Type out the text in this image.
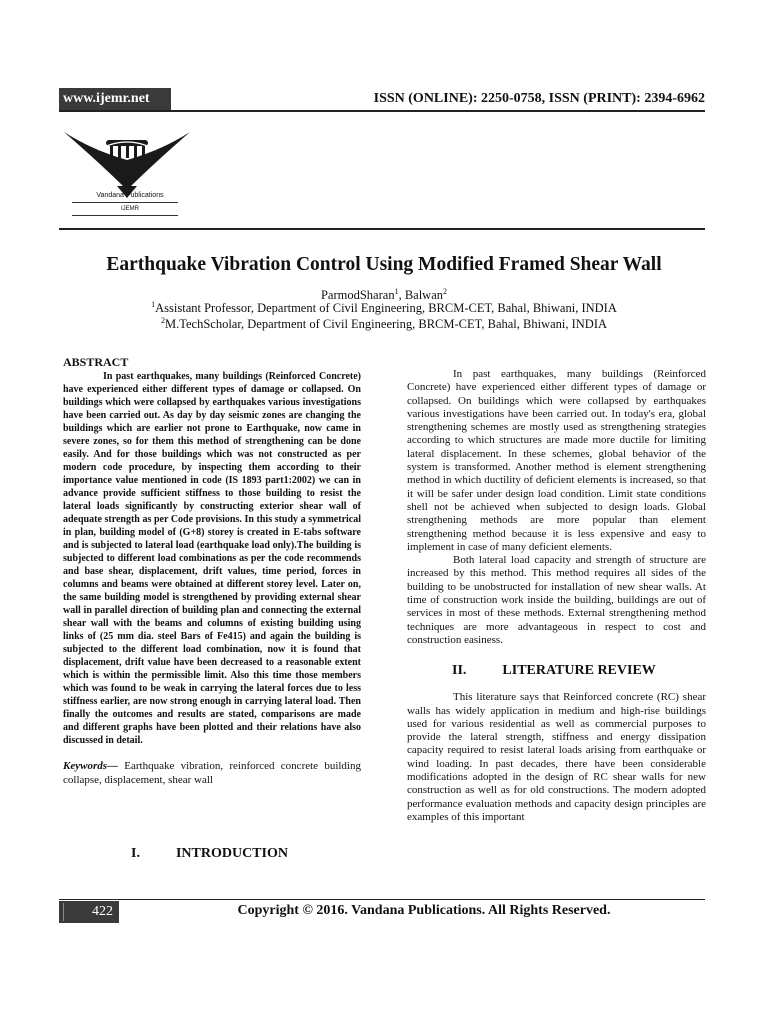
www.ijemr.net	ISSN (ONLINE): 2250-0758, ISSN (PRINT): 2394-6962
Vandana Publications
IJEMR
Earthquake Vibration Control Using Modified Framed Shear Wall
ParmodSharan$^1$, Balwan$^2$
$^1$Assistant Professor, Department of Civil Engineering, BRCM-CET, Bahal, Bhiwani, INDIA
$^2$M.TechScholar, Department of Civil Engineering, BRCM-CET, Bahal, Bhiwani, INDIA

ABSTRACT

In past earthquakes, many buildings (Reinforced Concrete) have experienced either different types of damage or collapsed. On buildings which were collapsed by earthquakes various investigations have been carried out. As day by day seismic zones are changing the buildings which are earlier not prone to Earthquake, now came in severe zones, so for them this method of strengthening can be done easily. And for those buildings which was not constructed as per modern code procedure, by inspecting them according to their importance value mentioned in code (IS 1893 part1:2002) we can in advance provide sufficient stiffness to those building to resist the lateral loads significantly by constructing exterior shear wall of adequate strength as per Code provisions. In this study a symmetrical in plan, building model of (G+8) storey is created in E-tabs software and is subjected to lateral load (earthquake load only).The building is subjected to different load combinations as per the code recommends and base shear, displacement, drift values, time period, forces in columns and beams were obtained at different storey level. Later on, the same building model is strengthened by providing external shear wall in parallel direction of building plan and connecting the external shear wall with the beams and columns of existing building using links of (25 mm dia. steel Bars of Fe415) and again the building is subjected to the different load combination, now it is found that displacement, drift value have been decreased to a reasonable extent which is within the permissible limit. Also this time those members which was found to be weak in carrying the lateral forces due to less stiffness earlier, are now strong enough in carrying lateral load. Then finally the outcomes and results are stated, comparisons are made and different graphs have been plotted and their relations have also discussed in detail.

Keywords— Earthquake vibration, reinforced concrete building collapse, displacement, shear wall

I.	INTRODUCTION

In past earthquakes, many buildings (Reinforced Concrete) have experienced either different types of damage or collapsed. On buildings which were collapsed by earthquakes various investigations have been carried out. In today's era, global strengthening schemes are mostly used as strengthening strategies according to which structures are made more ductile for limiting lateral displacement. In these schemes, global behavior of the system is transformed. Another method is element strengthening method in which ductility of deficient elements is increased, so that it will be safer under design load condition. Limit state conditions shell not be achieved when subjected to design loads. Global strengthening methods are more popular than element strengthening method because it is less expensive and easy to implement in case of many deficient elements.

Both lateral load capacity and strength of structure are increased by this method. This method requires all sides of the building to be unobstructed for installation of new shear walls. At time of construction work inside the building, buildings are out of services in most of these methods. External strengthening method techniques are more advantageous in respect to cost and construction easiness.

II.	LITERATURE REVIEW

This literature says that Reinforced concrete (RC) shear walls has widely application in medium and high-rise buildings used for various residential as well as commercial purposes to provide the lateral strength, stiffness and energy dissipation capacity required to resist lateral loads arising from earthquake or wind loading. In past decades, there have been considerable modifications adopted in the design of RC shear walls for new construction as well as for old constructions. The modern adopted performance evaluation methods and capacity design principles are examples of this important

422	Copyright © 2016. Vandana Publications. All Rights Reserved.
